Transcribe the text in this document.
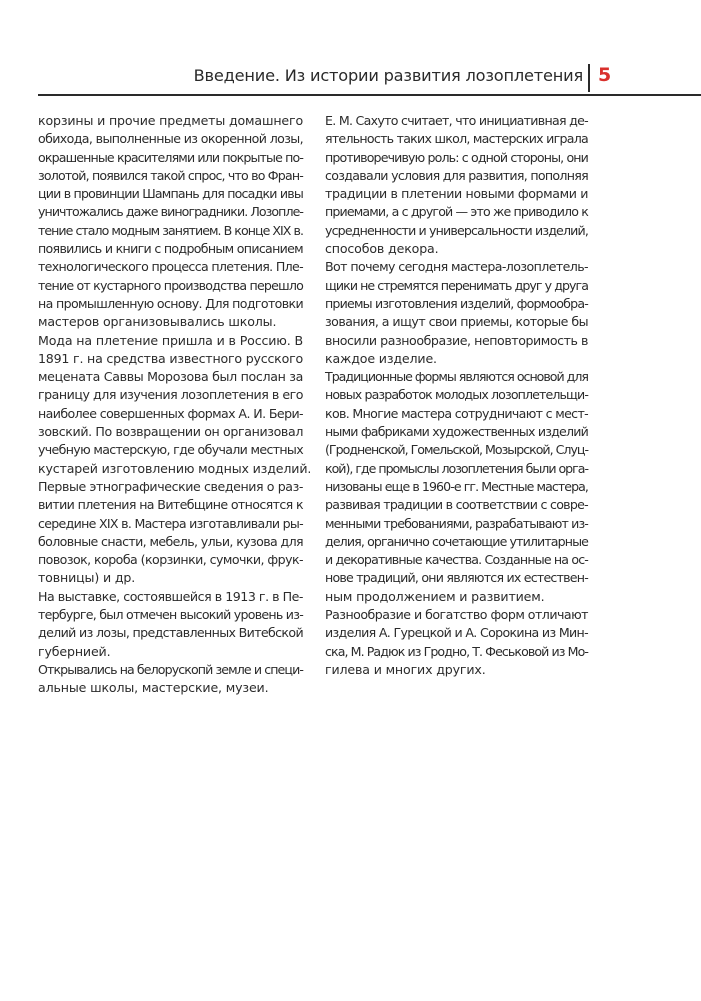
Введение. Из истории развития лозоплетения 5
корзины и прочие предметы домашнего
обихода, выполненные из окоренной лозы,
окрашенные красителями или покрытые по-
золотой, появился такой спрос, что во Фран-
ции в провинции Шампань для посадки ивы
уничтожались даже виноградники. Лозопле-
тение стало модным занятием. В конце XIX в.
появились и книги с подробным описанием
технологического процесса плетения. Пле-
тение от кустарного производства перешло
на промышленную основу. Для подготовки
мастеров организовывались школы.
Мода на плетение пришла и в Россию. В
1891 г. на средства известного русского
мецената Саввы Морозова был послан за
границу для изучения лозоплетения в его
наиболее совершенных формах А. И. Бери-
зовский. По возвращении он организовал
учебную мастерскую, где обучали местных
кустарей изготовлению модных изделий.
Первые этнографические сведения о раз-
витии плетения на Витебщине относятся к
середине XIX в. Мастера изготавливали ры-
боловные снасти, мебель, ульи, кузова для
повозок, короба (корзинки, сумочки, фрук-
товницы) и др.
На выставке, состоявшейся в 1913 г. в Пе-
тербурге, был отмечен высокий уровень из-
делий из лозы, представленных Витебской
губернией.
Открывались на белорускопй земле и специ-
альные школы, мастерские, музеи.
Е. М. Сахуто считает, что инициативная де-
ятельность таких школ, мастерских играла
противоречивую роль: с одной стороны, они
создавали условия для развития, пополняя
традиции в плетении новыми формами и
приемами, а с другой — это же приводило к
усредненности и универсальности изделий,
способов декора.
Вот почему сегодня мастера-лозоплетель-
щики не стремятся перенимать друг у друга
приемы изготовления изделий, формообра-
зования, а ищут свои приемы, которые бы
вносили разнообразие, неповторимость в
каждое изделие.
Традиционные формы являются основой для
новых разработок молодых лозоплетельщи-
ков. Многие мастера сотрудничают с мест-
ными фабриками художественных изделий
(Гродненской, Гомельской, Мозырской, Слуц-
кой), где промыслы лозоплетения были орга-
низованы еще в 1960-е гг. Местные мастера,
развивая традиции в соответствии с совре-
менными требованиями, разрабатывают из-
делия, органично сочетающие утилитарные
и декоративные качества. Созданные на ос-
нове традиций, они являются их естествен-
ным продолжением и развитием.
Разнообразие и богатство форм отличают
изделия А. Гурецкой и А. Сорокина из Мин-
ска, М. Радюк из Гродно, Т. Феськовой из Мо-
гилева и многих других.
